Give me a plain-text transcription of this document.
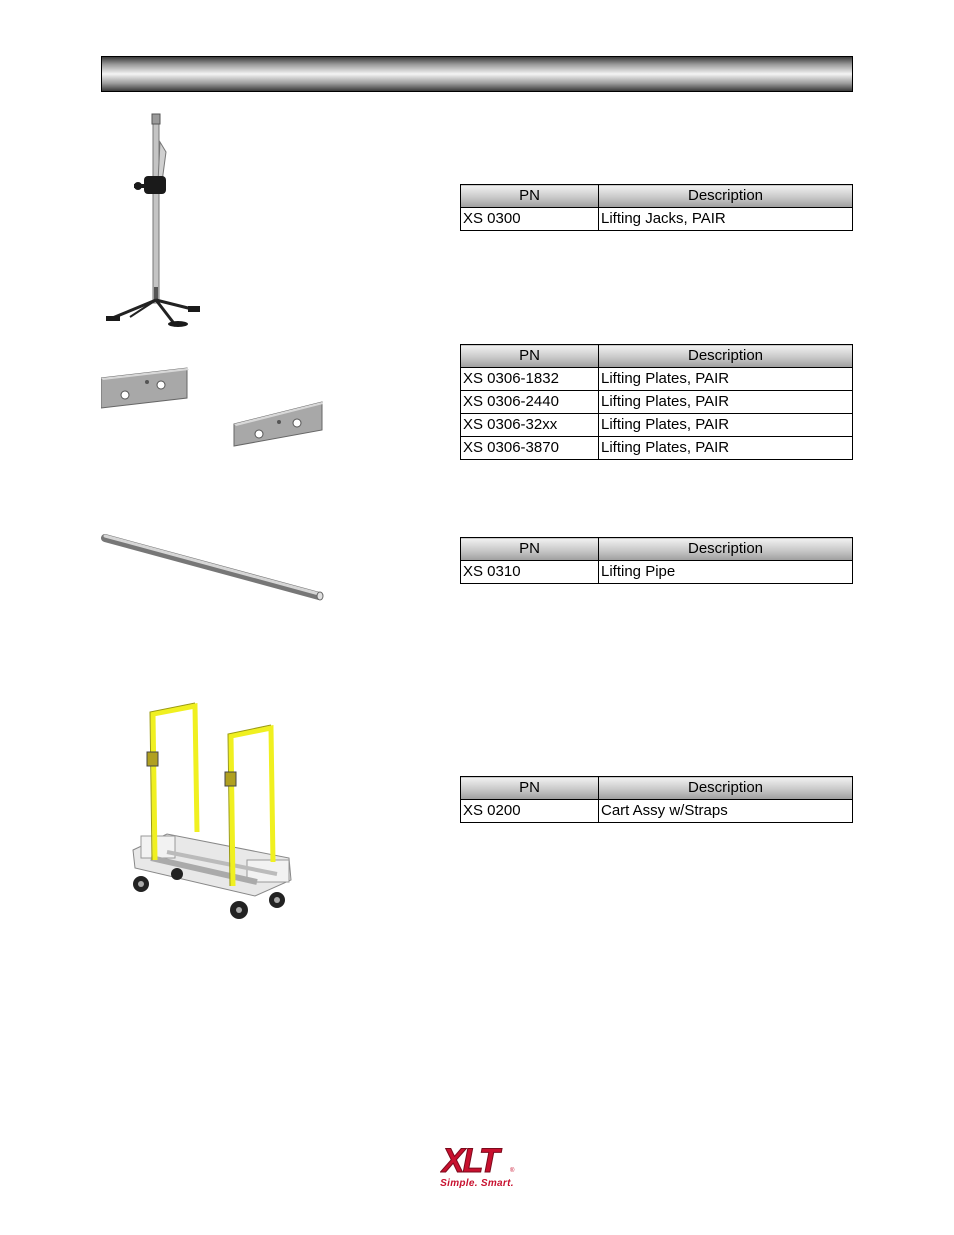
PN	Description
XS 0300	Lifting Jacks, PAIR
PN	Description
XS 0306-1832	Lifting Plates, PAIR
XS 0306-2440	Lifting Plates, PAIR
XS 0306-32xx	Lifting Plates, PAIR
XS 0306-3870	Lifting Plates, PAIR
PN	Description
XS 0310	Lifting Pipe
PN	Description
XS 0200	Cart Assy w/Straps
XLT	®
Simple. Smart.
